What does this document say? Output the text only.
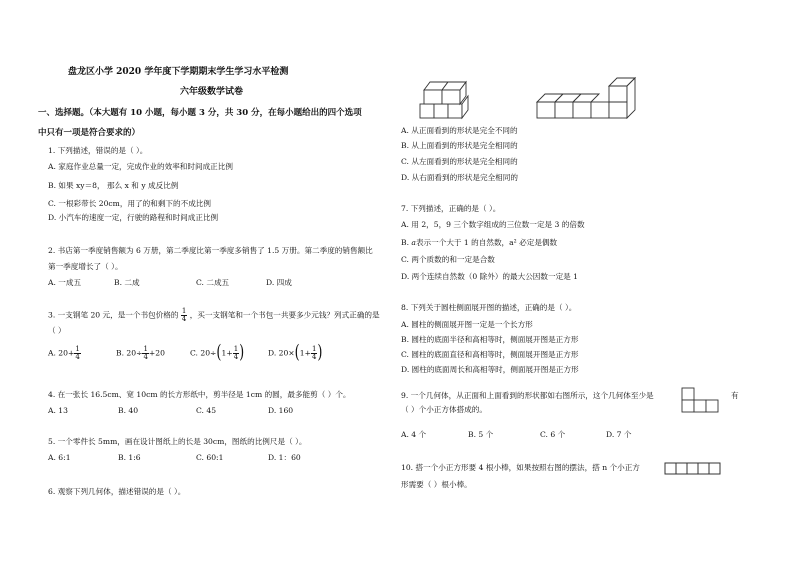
盘龙区小学 2020 学年度下学期期末学生学习水平检测
六年级数学试卷
一、选择题。（本大题有 10 小题，每小题 3 分，共 30 分，在每小题给出的四个选项
中只有一项是符合要求的）
1. 下列描述，错误的是（ ）。
A. 家庭作业总量一定，完成作业的效率和时间成正比例
B. 如果 xy＝8， 那么 x 和 y 成反比例
C. 一根彩带长 20cm，用了的和剩下的不成比例
D. 小汽车的速度一定，行驶的路程和时间成正比例
2. 书店第一季度销售额为 6 万册，第二季度比第一季度多销售了 1.5 万册。第二季度的销售额比
第一季度增长了（ ）。
A. 一成五	B. 二成	C. 二成五	D. 四成
3. 一支钢笔 20 元，是一个书包价格的 $\frac{1}{4}$ ，买一支钢笔和一个书包一共要多少元钱？列式正确的是
（ ）
A. $20+ \frac{1}{4}$	B. $20\div \frac{1}{4} +20$	C. $20\div(1+ \frac{1}{4}$ )	D. $20\times(1+ \frac{1}{4}$ )
4. 在一张长 16.5cm、宽 10cm 的长方形纸中，剪半径是 1cm 的圆，最多能剪（ ）个。
A. 13	B. 40	C. 45	D. 160
5. 一个零件长 5mm，画在设计图纸上的长是 30cm，图纸的比例尺是（ ）。
A. 6:1	B. 1:6	C. 60:1	D. 1：60
6. 观察下列几何体，描述错误的是（ ）。
A. 从正面看到的形状是完全不同的
B. 从上面看到的形状是完全相同的
C. 从左面看到的形状是完全相同的
D. 从右面看到的形状是完全相同的
7. 下列描述，正确的是（ ）。
A. 用 2，5，9 三个数字组成的三位数一定是 3 的倍数
B. a表示一个大于 1 的自然数，a² 必定是偶数
C. 两个质数的和一定是合数
D. 两个连续自然数（0 除外）的最大公因数一定是 1
8. 下列关于圆柱侧面展开图的描述，正确的是（ ）。
A. 圆柱的侧面展开图一定是一个长方形
B. 圆柱的底面半径和高相等时，侧面展开图是正方形
C. 圆柱的底面直径和高相等时，侧面展开图是正方形
D. 圆柱的底面周长和高相等时，侧面展开图是正方形
9. 一个几何体，从正面和上面看到的形状都如右图所示，这个几何体至少是	有
（ ）个小正方体搭成的。
A. 4 个	B. 5 个	C. 6 个	D. 7 个
10. 搭一个小正方形要 4 根小棒，如果按照右图的摆法，搭 n 个小正方
形需要（ ）根小棒。
